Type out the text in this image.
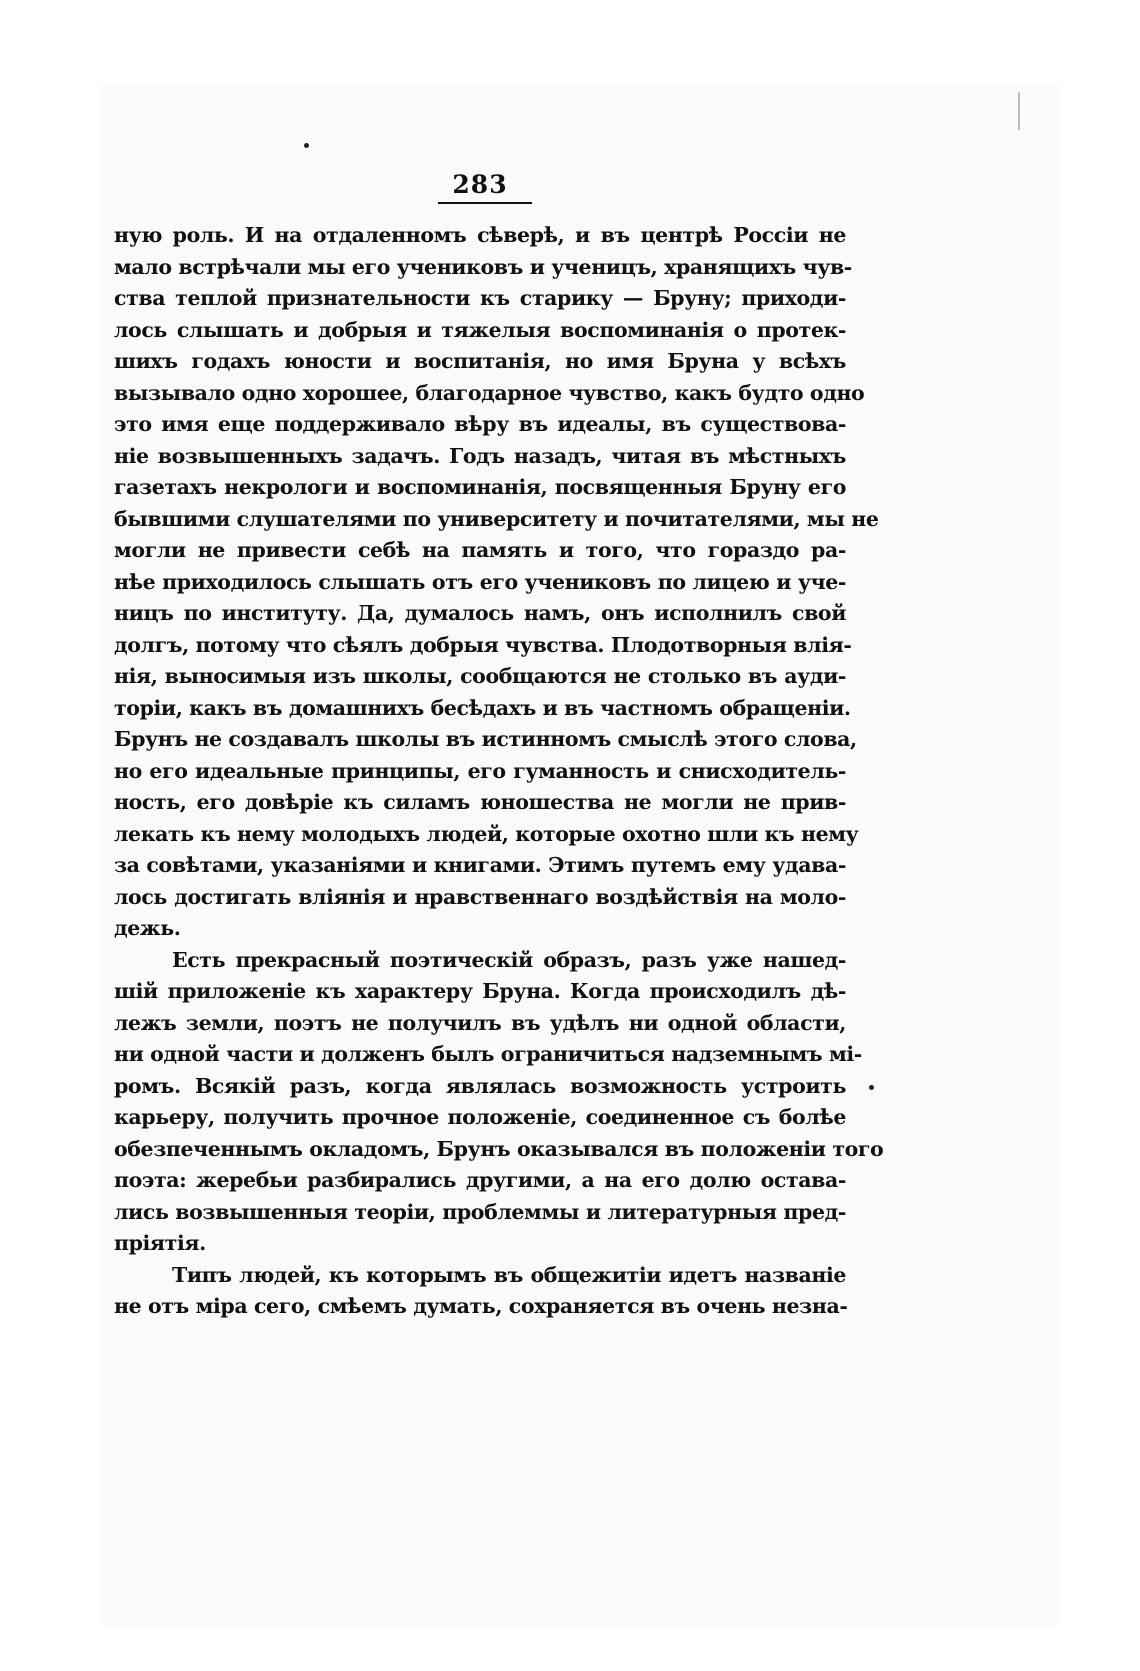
283
ную роль. И на отдаленномъ сѣверѣ, и въ центрѣ Россіи не
мало встрѣчали мы его учениковъ и ученицъ, хранящихъ чув-
ства теплой признательности къ старику — Бруну; приходи-
лось слышать и добрыя и тяжелыя воспоминанія о протек-
шихъ годахъ юности и воспитанія, но имя Бруна у всѣхъ
вызывало одно хорошее, благодарное чувство, какъ будто одно
это имя еще поддерживало вѣру въ идеалы, въ существова-
ніе возвышенныхъ задачъ. Годъ назадъ, читая въ мѣстныхъ
газетахъ некрологи и воспоминанія, посвященныя Бруну его
бывшими слушателями по университету и почитателями, мы не
могли не привести себѣ на память и того, что гораздо ра-
нѣе приходилось слышать отъ его учениковъ по лицею и уче-
ницъ по институту. Да, думалось намъ, онъ исполнилъ свой
долгъ, потому что сѣялъ добрыя чувства. Плодотворныя влія-
нія, выносимыя изъ школы, сообщаются не столько въ ауди-
торіи, какъ въ домашнихъ бесѣдахъ и въ частномъ обращеніи.
Брунъ не создавалъ школы въ истинномъ смыслѣ этого слова,
но его идеальные принципы, его гуманность и снисходитель-
ность, его довѣріе къ силамъ юношества не могли не прив-
лекать къ нему молодыхъ людей, которые охотно шли къ нему
за совѣтами, указаніями и книгами. Этимъ путемъ ему удава-
лось достигать вліянія и нравственнаго воздѣйствія на моло-
дежь.
Есть прекрасный поэтическій образъ, разъ уже нашед-
шій приложеніе къ характеру Бруна. Когда происходилъ дѣ-
лежъ земли, поэтъ не получилъ въ удѣлъ ни одной области,
ни одной части и долженъ былъ ограничиться надземнымъ мі-
ромъ. Всякій разъ, когда являлась возможность устроить
карьеру, получить прочное положеніе, соединенное съ болѣе
обезпеченнымъ окладомъ, Брунъ оказывался въ положеніи того
поэта: жеребьи разбирались другими, а на его долю остава-
лись возвышенныя теоріи, проблеммы и литературныя пред-
пріятія.
Типъ людей, къ которымъ въ общежитіи идетъ названіе
не отъ міра сего, смѣемъ думать, сохраняется въ очень незна-
